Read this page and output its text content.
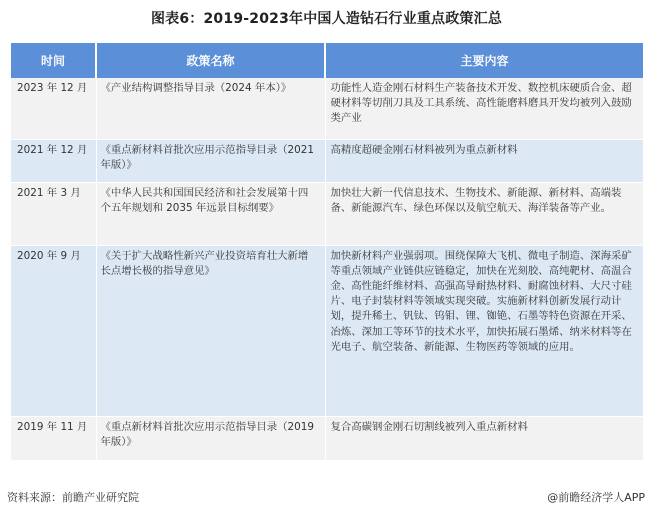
图表6：2019-2023年中国人造钻石行业重点政策汇总
时间	政策名称	主要内容
2023 年 12 月	《产业结构调整指导目录（2024 年本）》	功能性人造金刚石材料生产装备技术开发、数控机床硬质合金、超硬材料等切削刀具及工具系统、高性能磨料磨具开发均被列入鼓励类产业
2021 年 12 月	《重点新材料首批次应用示范指导目录（2021 年版）》	高精度超硬金刚石材料被列为重点新材料
2021 年 3 月	《中华人民共和国国民经济和社会发展第十四个五年规划和 2035 年远景目标纲要》	加快壮大新一代信息技术、生物技术、新能源、新材料、高端装备、新能源汽车、绿色环保以及航空航天、海洋装备等产业。
2020 年 9 月	《关于扩大战略性新兴产业投资培育壮大新增长点增长极的指导意见》	加快新材料产业强弱项。围绕保障大飞机、微电子制造、深海采矿等重点领域产业链供应链稳定，加快在光刻胶、高纯靶材、高温合金、高性能纤维材料、高强高导耐热材料、耐腐蚀材料、大尺寸硅片、电子封装材料等领域实现突破。实施新材料创新发展行动计划，提升稀土、钒钛、钨钼、锂、铷铯、石墨等特色资源在开采、冶炼、深加工等环节的技术水平，加快拓展石墨烯、纳米材料等在光电子、航空装备、新能源、生物医药等领域的应用。
2019 年 11 月	《重点新材料首批次应用示范指导目录（2019 年版）》	复合高碳钢金刚石切割线被列入重点新材料
资料来源：前瞻产业研究院	@前瞻经济学人APP
